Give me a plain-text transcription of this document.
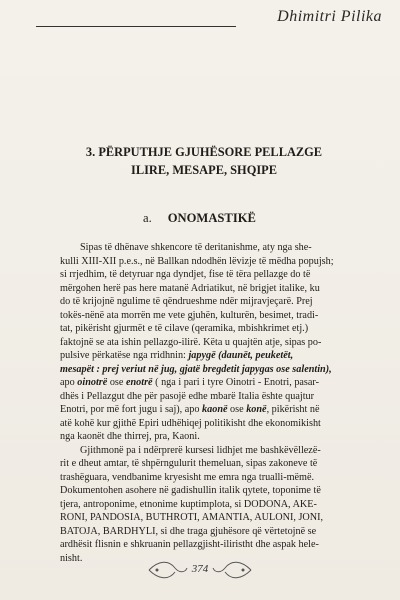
Dhimitri Pilika
3. PËRPUTHJE GJUHËSORE PELLAZGE
ILIRE, MESAPE, SHQIPE
a. ONOMASTIKË
Sipas të dhënave shkencore të deritanishme, aty nga she-
kulli XIII-XII p.e.s., në Ballkan ndodhën lëvizje të mëdha popujsh;
si rrjedhim, të detyruar nga dyndjet, fise të tëra pellazge do të
mërgohen herë pas here matanë Adriatikut, në brigjet italike, ku
do të krijojnë ngulime të qëndrueshme ndër mijravjeçarë. Prej
tokës-nënë ata morrën me vete gjuhën, kulturën, besimet, tradi-
tat, pikërisht gjurmët e të cilave (qeramika, mbishkrimet etj.)
faktojnë se ata ishin pellazgo-ilirë. Këta u quajtën atje, sipas po-
pulsive përkatëse nga rridhnin: japygë (daunët, peuketët,
mesapët : prej veriut në jug, gjatë bregdetit japygas ose salentin),
apo oinotrë ose enotrë ( nga i pari i tyre Oinotri - Enotri, pasar-
dhës i Pellazgut dhe për pasojë edhe mbarë Italia ështe quajtur
Enotri, por më fort jugu i saj), apo kaonë ose konë, pikërisht në
atë kohë kur gjithë Epiri udhëhiqej politikisht dhe ekonomikisht
nga kaonët dhe thirrej, pra, Kaoni.
Gjithmonë pa i ndërprerë kursesi lidhjet me bashkëvëllezë-
rit e dheut amtar, të shpërngulurit themeluan, sipas zakoneve të
trashëguara, vendbanime kryesisht me emra nga trualli-mëmë.
Dokumentohen asohere në gadishullin italik qytete, toponime të
tjera, antroponime, etnonime kuptimplota, si DODONA, AKE-
RONI, PANDOSIA, BUTHROTI, AMANTIA, AULONI, JONI,
BATOJA, BARDHYLI, si dhe traga gjuhësore që vërtetojnë se
ardhësit flisnin e shkruanin pellazgjisht-iliristht dhe aspak hele-
nisht.
374
